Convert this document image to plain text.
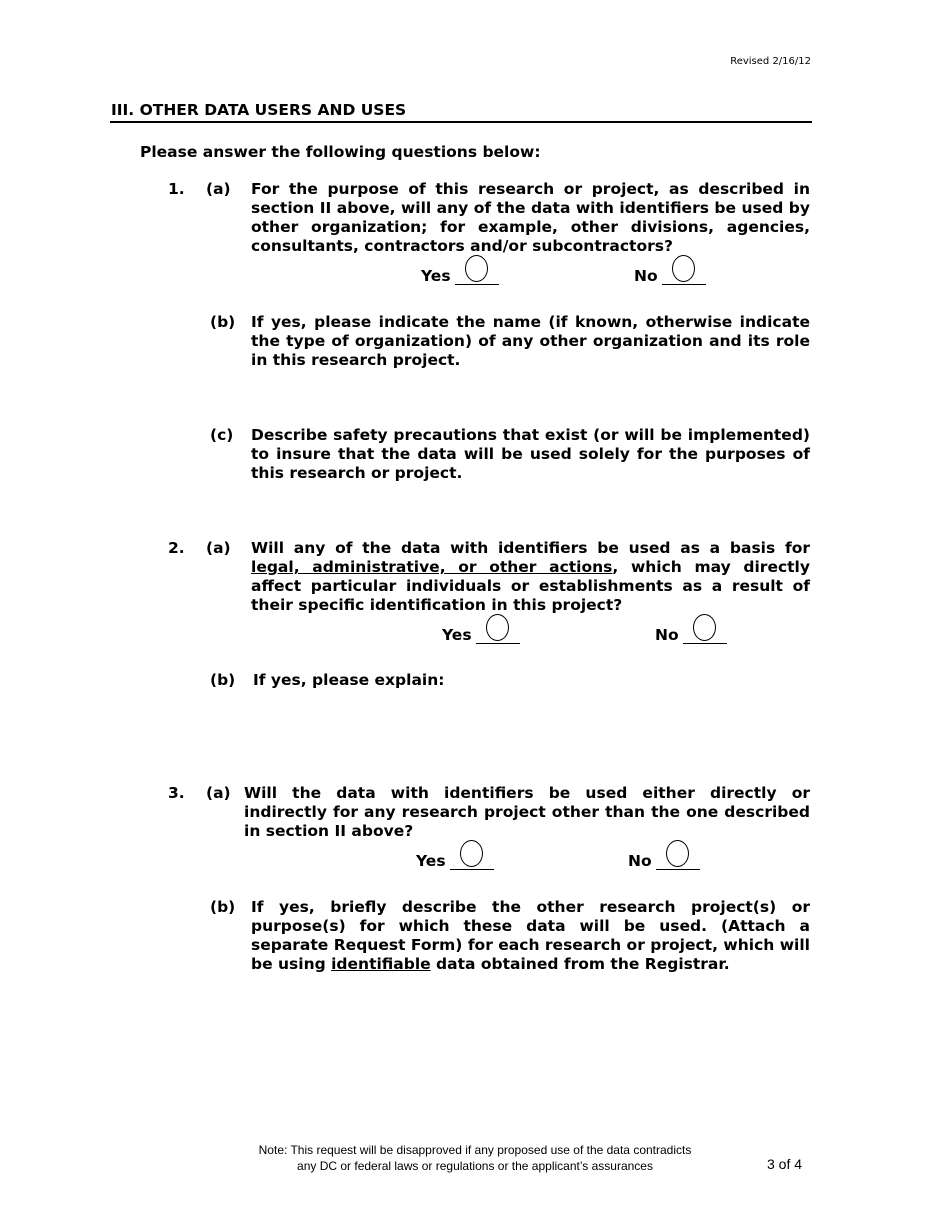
Revised 2/16/12
III. OTHER DATA USERS AND USES
Please answer the following questions below:
1. (a) For the purpose of this research or project, as described in section II above, will any of the data with identifiers be used by other organization; for example, other divisions, agencies, consultants, contractors and/or subcontractors?
Yes	No
(b) If yes, please indicate the name (if known, otherwise indicate the type of organization) of any other organization and its role in this research project.
(c) Describe safety precautions that exist (or will be implemented) to insure that the data will be used solely for the purposes of this research or project.
2. (a) Will any of the data with identifiers be used as a basis for legal, administrative, or other actions, which may directly affect particular individuals or establishments as a result of their specific identification in this project?
Yes	No
(b) If yes, please explain:
3. (a) Will the data with identifiers be used either directly or indirectly for any research project other than the one described in section II above?
Yes	No
(b) If yes, briefly describe the other research project(s) or purpose(s) for which these data will be used. (Attach a separate Request Form) for each research or project, which will be using identifiable data obtained from the Registrar.
Note: This request will be disapproved if any proposed use of the data contradicts
any DC or federal laws or regulations or the applicant’s assurances	3 of 4
